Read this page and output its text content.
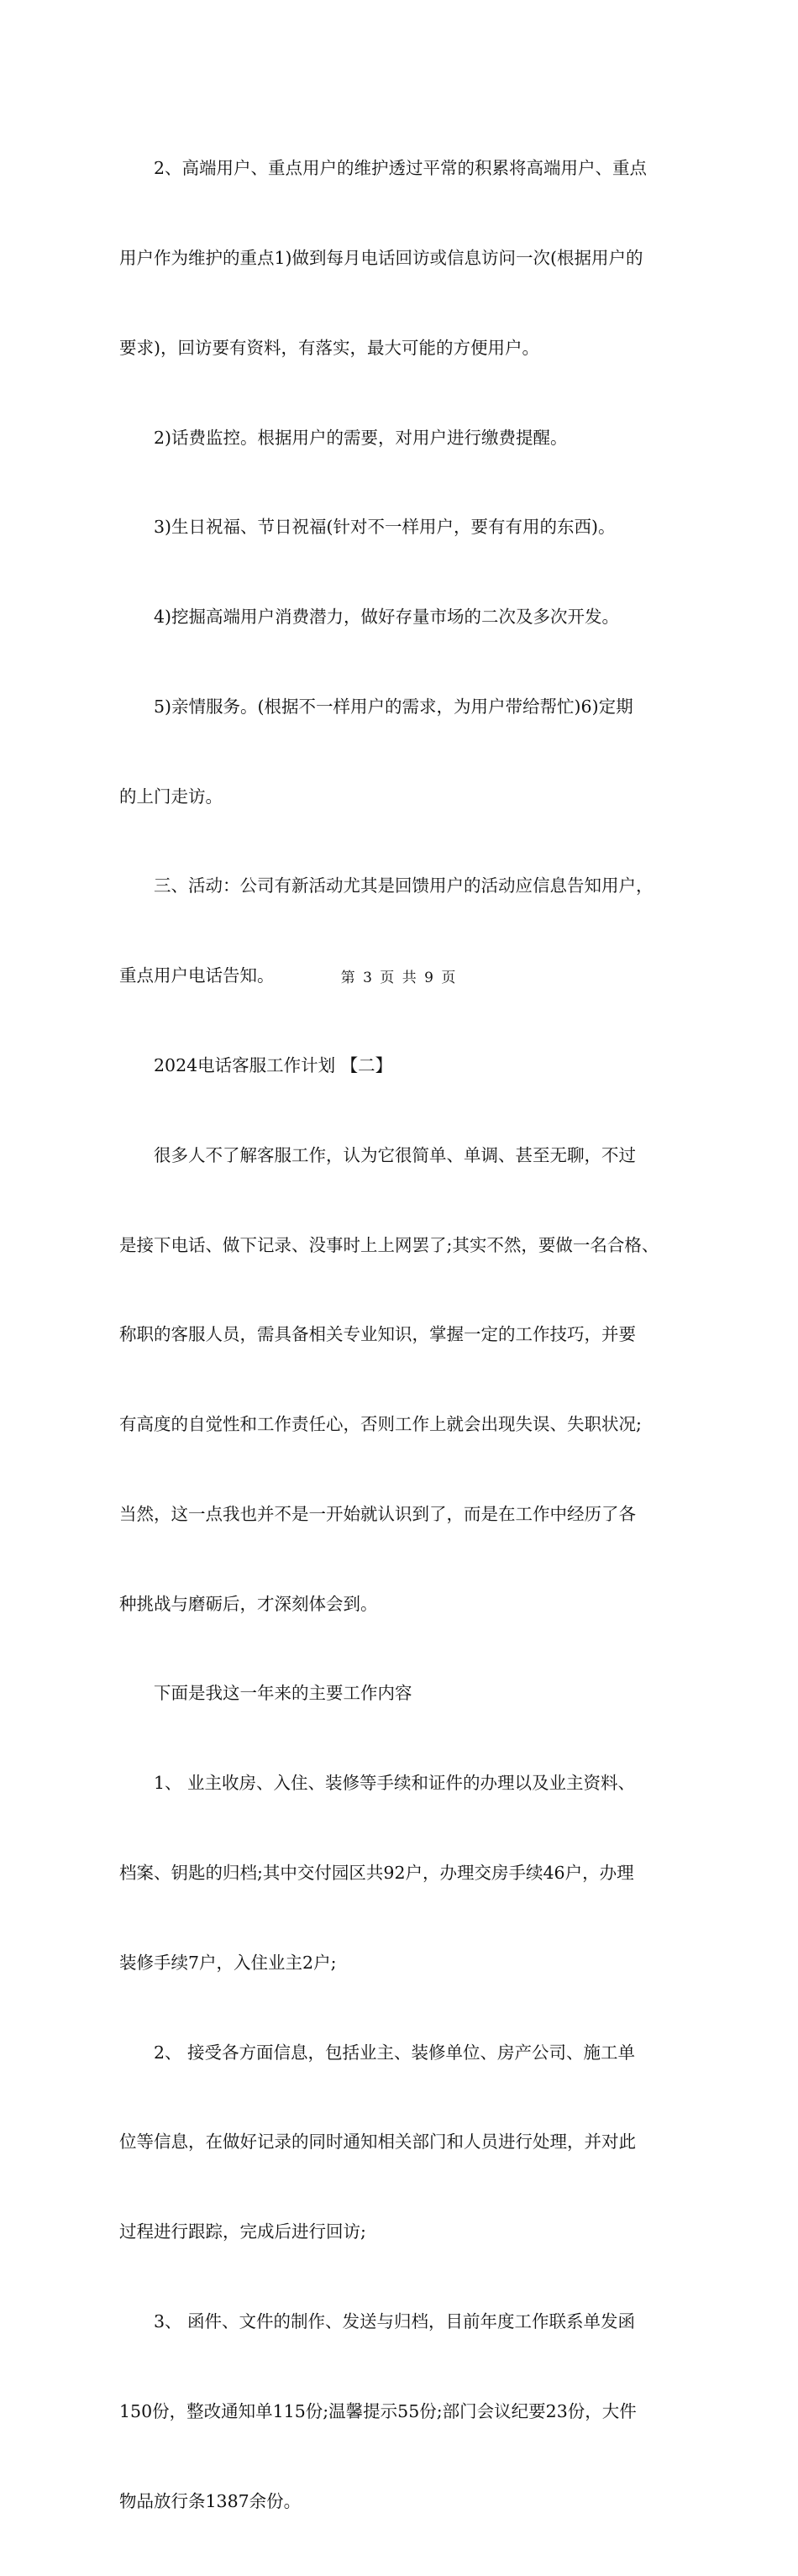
　　2、高端用户、重点用户的维护透过平常的积累将高端用户、重点

用户作为维护的重点1)做到每月电话回访或信息访问一次(根据用户的

要求)，回访要有资料，有落实，最大可能的方便用户。

　　2)话费监控。根据用户的需要，对用户进行缴费提醒。

　　3)生日祝福、节日祝福(针对不一样用户，要有有用的东西)。

　　4)挖掘高端用户消费潜力，做好存量市场的二次及多次开发。

　　5)亲情服务。(根据不一样用户的需求，为用户带给帮忙)6)定期

的上门走访。

　　三、活动：公司有新活动尤其是回馈用户的活动应信息告知用户，

重点用户电话告知。

　　2024电话客服工作计划 【二】

　　很多人不了解客服工作，认为它很简单、单调、甚至无聊，不过

是接下电话、做下记录、没事时上上网罢了;其实不然，要做一名合格、

称职的客服人员，需具备相关专业知识，掌握一定的工作技巧，并要

有高度的自觉性和工作责任心，否则工作上就会出现失误、失职状况;

当然，这一点我也并不是一开始就认识到了，而是在工作中经历了各

种挑战与磨砺后，才深刻体会到。

　　下面是我这一年来的主要工作内容

　　1、 业主收房、入住、装修等手续和证件的办理以及业主资料、

档案、钥匙的归档;其中交付园区共92户，办理交房手续46户，办理

装修手续7户，入住业主2户;

　　2、 接受各方面信息，包括业主、装修单位、房产公司、施工单

位等信息，在做好记录的同时通知相关部门和人员进行处理，并对此

过程进行跟踪，完成后进行回访;

　　3、 函件、文件的制作、发送与归档，目前年度工作联系单发函

150份，整改通知单115份;温馨提示55份;部门会议纪要23份，大件

物品放行条1387余份。

第 3 页 共 9 页
